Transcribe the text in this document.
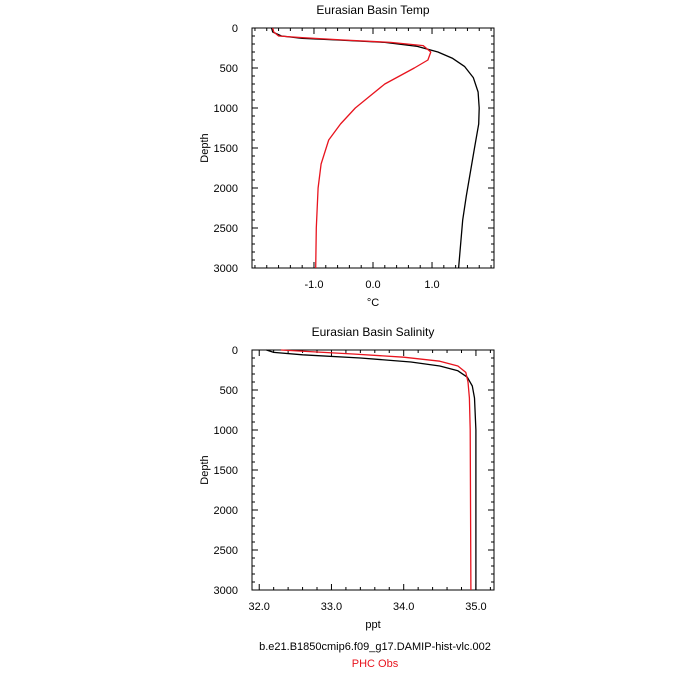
Eurasian Basin Temp
0
500
1000
1500
2000
2500
3000
-1.0	0.0	1.0
°C
Depth
Eurasian Basin Salinity
0
500
1000
1500
2000
2500
3000
32.0	33.0	34.0	35.0
ppt
Depth
b.e21.B1850cmip6.f09_g17.DAMIP-hist-vlc.002
PHC Obs
